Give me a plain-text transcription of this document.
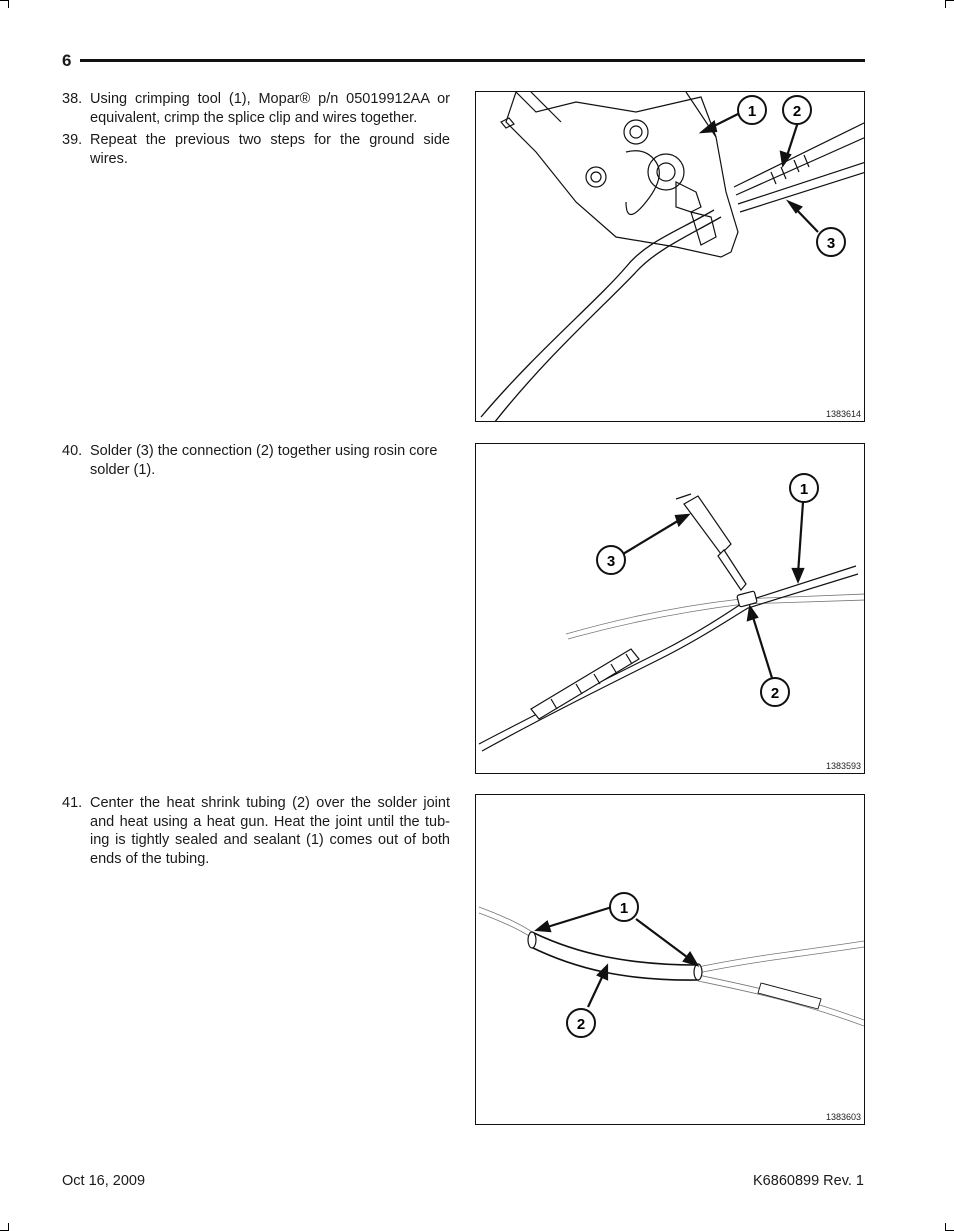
6
38. Using crimping tool (1), Mopar® p/n 05019912AA or equivalent, crimp the splice clip and wires together.
39. Repeat the previous two steps for the ground side wires.
40. Solder (3) the connection (2) together using rosin core solder (1).
41. Center the heat shrink tubing (2) over the solder joint and heat using a heat gun. Heat the joint until the tub-ing is tightly sealed and sealant (1) comes out of both ends of the tubing.
1 2
3
1383614
1
3
2
1383593
1
2
1383603
Oct 16, 2009	K6860899 Rev. 1
